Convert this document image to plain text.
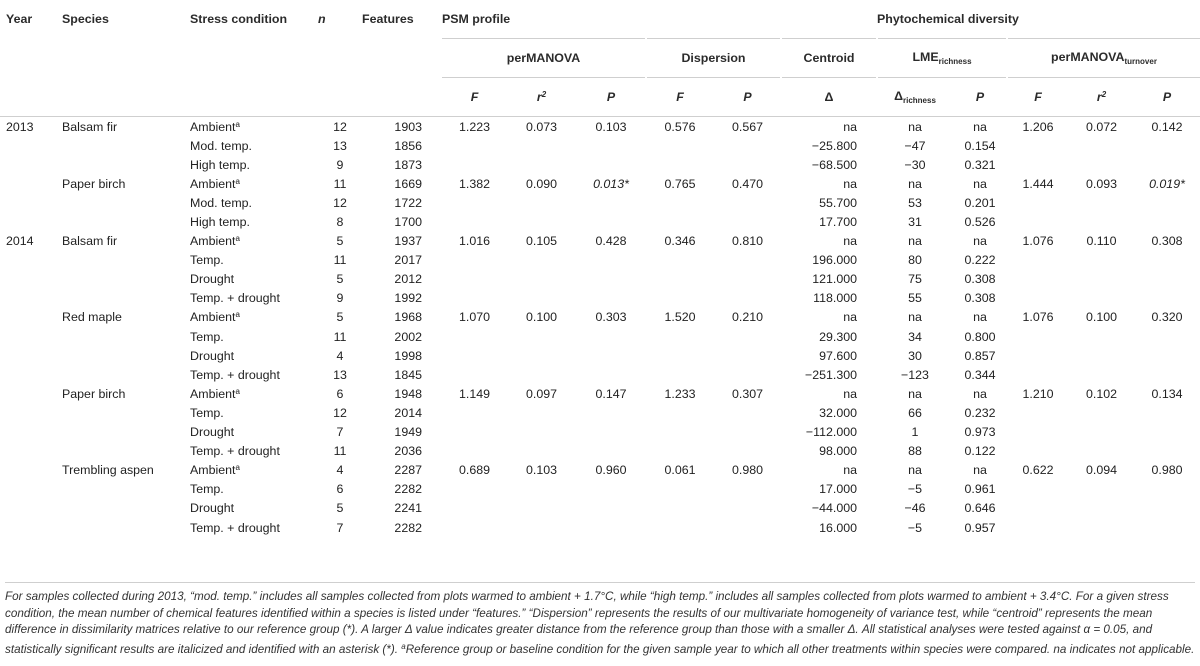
Year	Species	Stress condition	n	Features	PSM profile						Phytochemical diversity				
					perMANOVA			Dispersion		Centroid	$LME_{richness}$		perMANOVA$_{turnover}$
					F	$r^2$	P	F	P	Δ	$\Delta_{richness}$	P	F	$r^2$	P
2013	Balsam fir	Ambient$^a$	12	1903	1.223	0.073	0.103	0.576	0.567	na	na	na	1.206	0.072	0.142
		Mod. temp.	13	1856						−25.800	−47	0.154			
		High temp.	9	1873						−68.500	−30	0.321			
	Paper birch	Ambient$^a$	11	1669	1.382	0.090	0.013*	0.765	0.470	na	na	na	1.444	0.093	0.019*
		Mod. temp.	12	1722						55.700	53	0.201			
		High temp.	8	1700						17.700	31	0.526			
2014	Balsam fir	Ambient$^a$	5	1937	1.016	0.105	0.428	0.346	0.810	na	na	na	1.076	0.110	0.308
		Temp.	11	2017						196.000	80	0.222			
		Drought	5	2012						121.000	75	0.308			
		Temp. + drought	9	1992						118.000	55	0.308			
	Red maple	Ambient$^a$	5	1968	1.070	0.100	0.303	1.520	0.210	na	na	na	1.076	0.100	0.320
		Temp.	11	2002						29.300	34	0.800			
		Drought	4	1998						97.600	30	0.857			
		Temp. + drought	13	1845						−251.300	−123	0.344			
	Paper birch	Ambient$^a$	6	1948	1.149	0.097	0.147	1.233	0.307	na	na	na	1.210	0.102	0.134
		Temp.	12	2014						32.000	66	0.232			
		Drought	7	1949						−112.000	1	0.973			
		Temp. + drought	11	2036						98.000	88	0.122			
	Trembling aspen	Ambient$^a$	4	2287	0.689	0.103	0.960	0.061	0.980	na	na	na	0.622	0.094	0.980
		Temp.	6	2282						17.000	−5	0.961			
		Drought	5	2241						−44.000	−46	0.646			
		Temp. + drought	7	2282						16.000	−5	0.957			
For samples collected during 2013, “mod. temp.” includes all samples collected from plots warmed to ambient + 1.7°C, while “high temp.” includes all samples collected from plots warmed to ambient + 3.4°C. For a given stress condition, the mean number of chemical features identified within a species is listed under “features.” “Dispersion” represents the results of our multivariate homogeneity of variance test, while “centroid” represents the mean difference in dissimilarity matrices relative to our reference group (*). A larger Δ value indicates greater distance from the reference group than those with a smaller Δ. All statistical analyses were tested against α = 0.05, and statistically significant results are italicized and identified with an asterisk (*). $^a$Reference group or baseline condition for the given sample year to which all other treatments within species were compared. na indicates not applicable.
